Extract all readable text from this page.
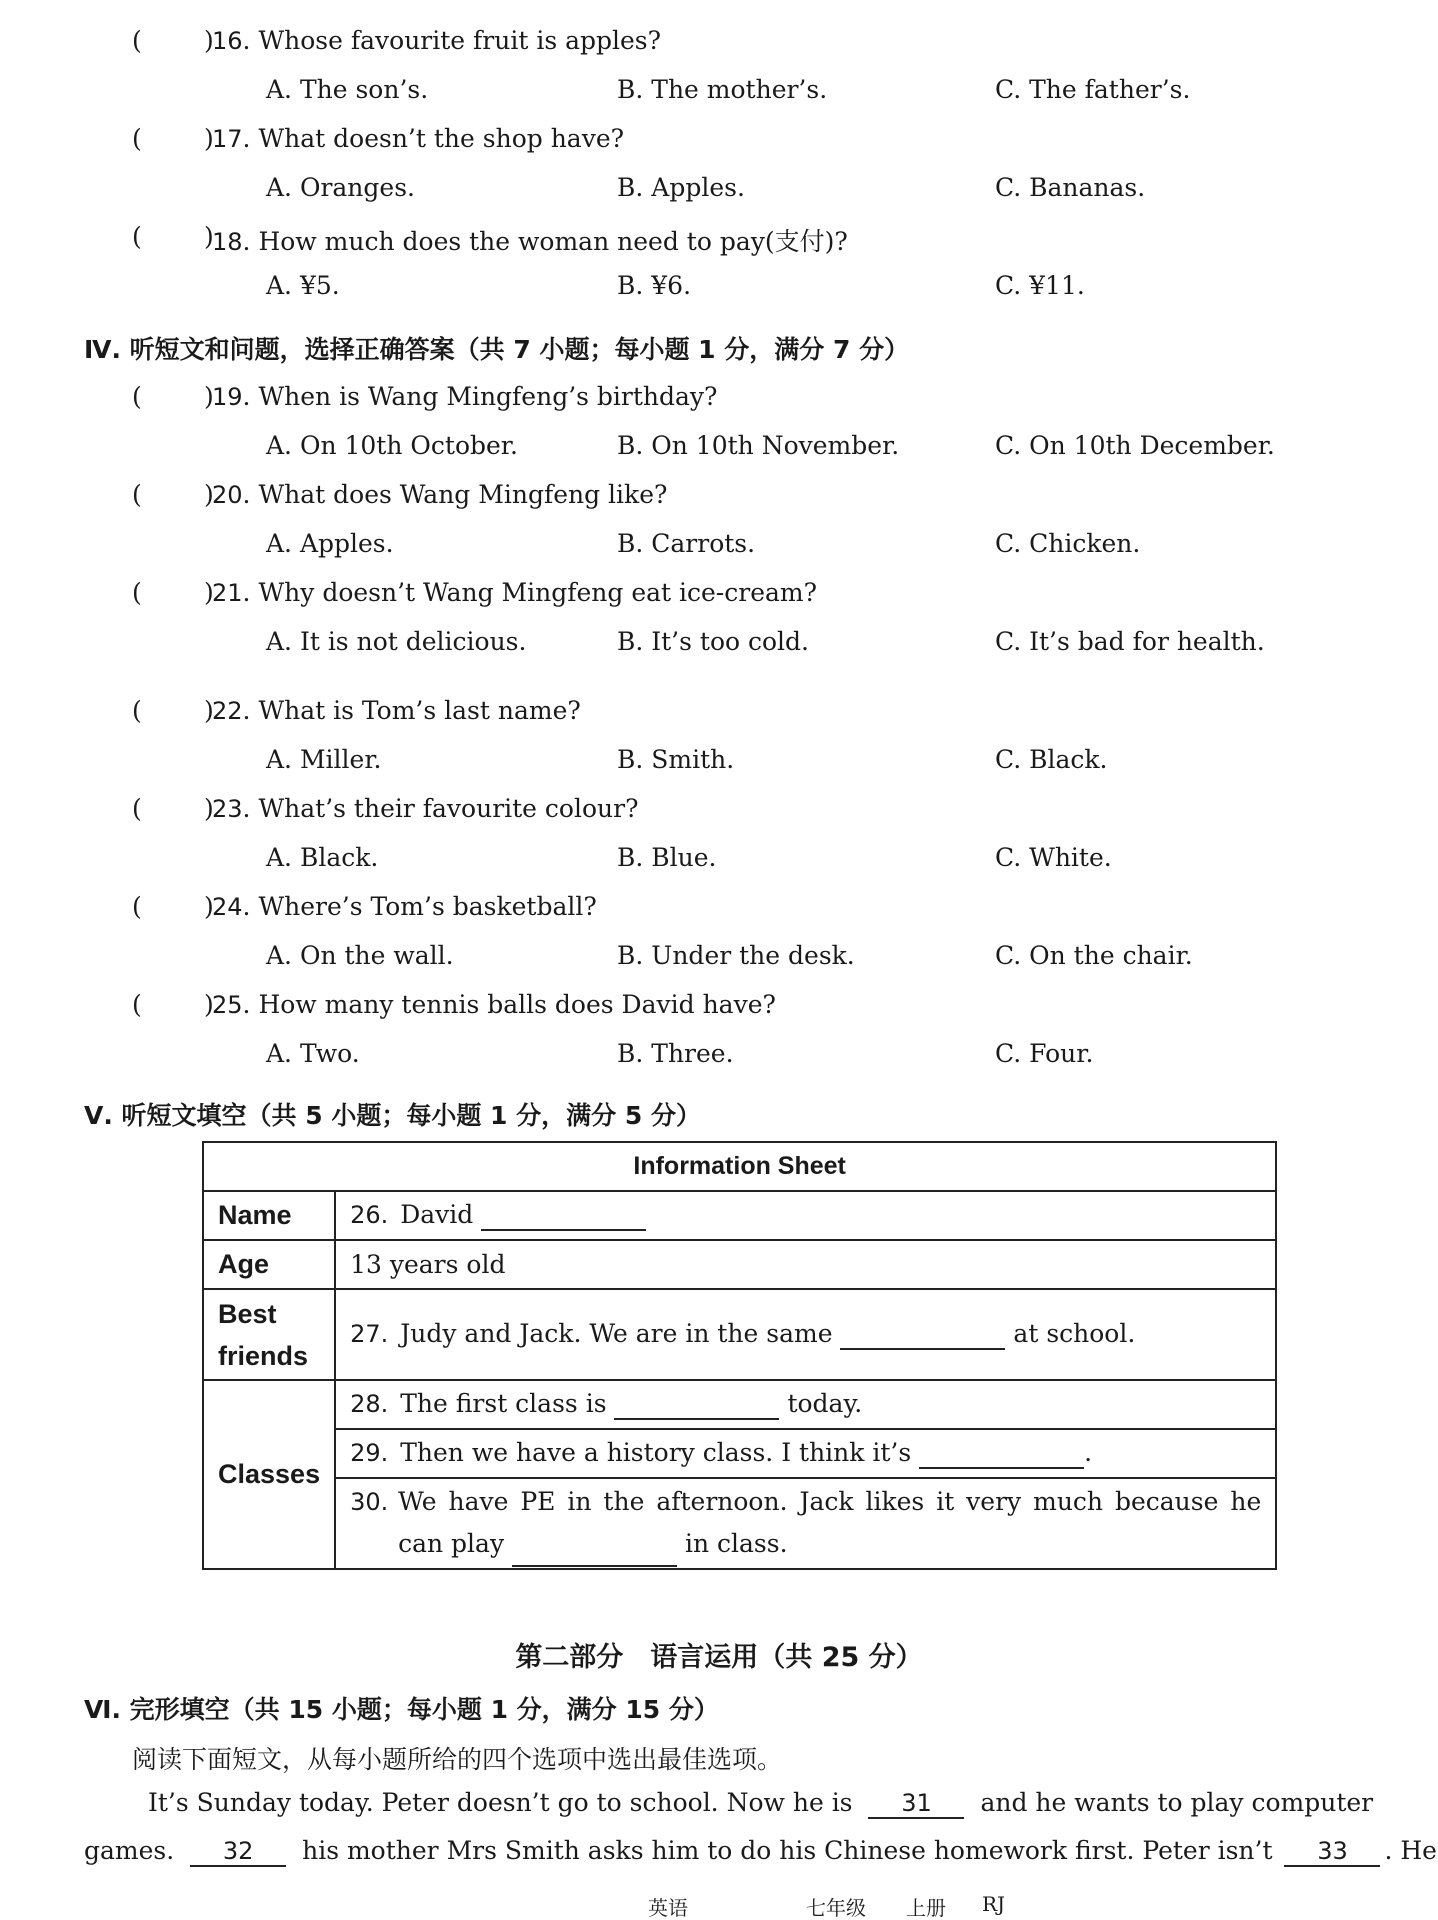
( )
16. Whose favourite fruit is apples?
A. The son’s.	B. The mother’s.	C. The father’s.
( )
17. What doesn’t the shop have?
A. Oranges.	B. Apples.	C. Bananas.
( )
18. How much does the woman need to pay(支付)?
A. ¥5.	B. ¥6.	C. ¥11.
Ⅳ. 听短文和问题，选择正确答案（共 7 小题；每小题 1 分，满分 7 分）
( )
19. When is Wang Mingfeng’s birthday?
A. On 10th October.	B. On 10th November.	C. On 10th December.
( )
20. What does Wang Mingfeng like?
A. Apples.	B. Carrots.	C. Chicken.
( )
21. Why doesn’t Wang Mingfeng eat ice-cream?
A. It is not delicious.	B. It’s too cold.	C. It’s bad for health.
( )
22. What is Tom’s last name?
A. Miller.	B. Smith.	C. Black.
( )
23. What’s their favourite colour?
A. Black.	B. Blue.	C. White.
( )
24. Where’s Tom’s basketball?
A. On the wall.	B. Under the desk.	C. On the chair.
( )
25. How many tennis balls does David have?
A. Two.	B. Three.	C. Four.
Ⅴ. 听短文填空（共 5 小题；每小题 1 分，满分 5 分）
Information Sheet	
Name	26. David
Age	13 years old
Best
friends	27. Judy and Jack. We are in the same at school.
Classes	28. The first class is today.
	29. Then we have a history class. I think it’s .

	30. We have PE in the afternoon. Jack likes it very much because he
can play in class.
第二部分　语言运用（共 25 分）
Ⅵ. 完形填空（共 15 小题；每小题 1 分，满分 15 分）
阅读下面短文，从每小题所给的四个选项中选出最佳选项。
It’s Sunday today. Peter doesn’t go to school. Now he is 31 and he wants to play computer
games. 32 his mother Mrs Smith asks him to do his Chinese homework first. Peter isn’t 33 . He
英语	七年级 上册 RJ
